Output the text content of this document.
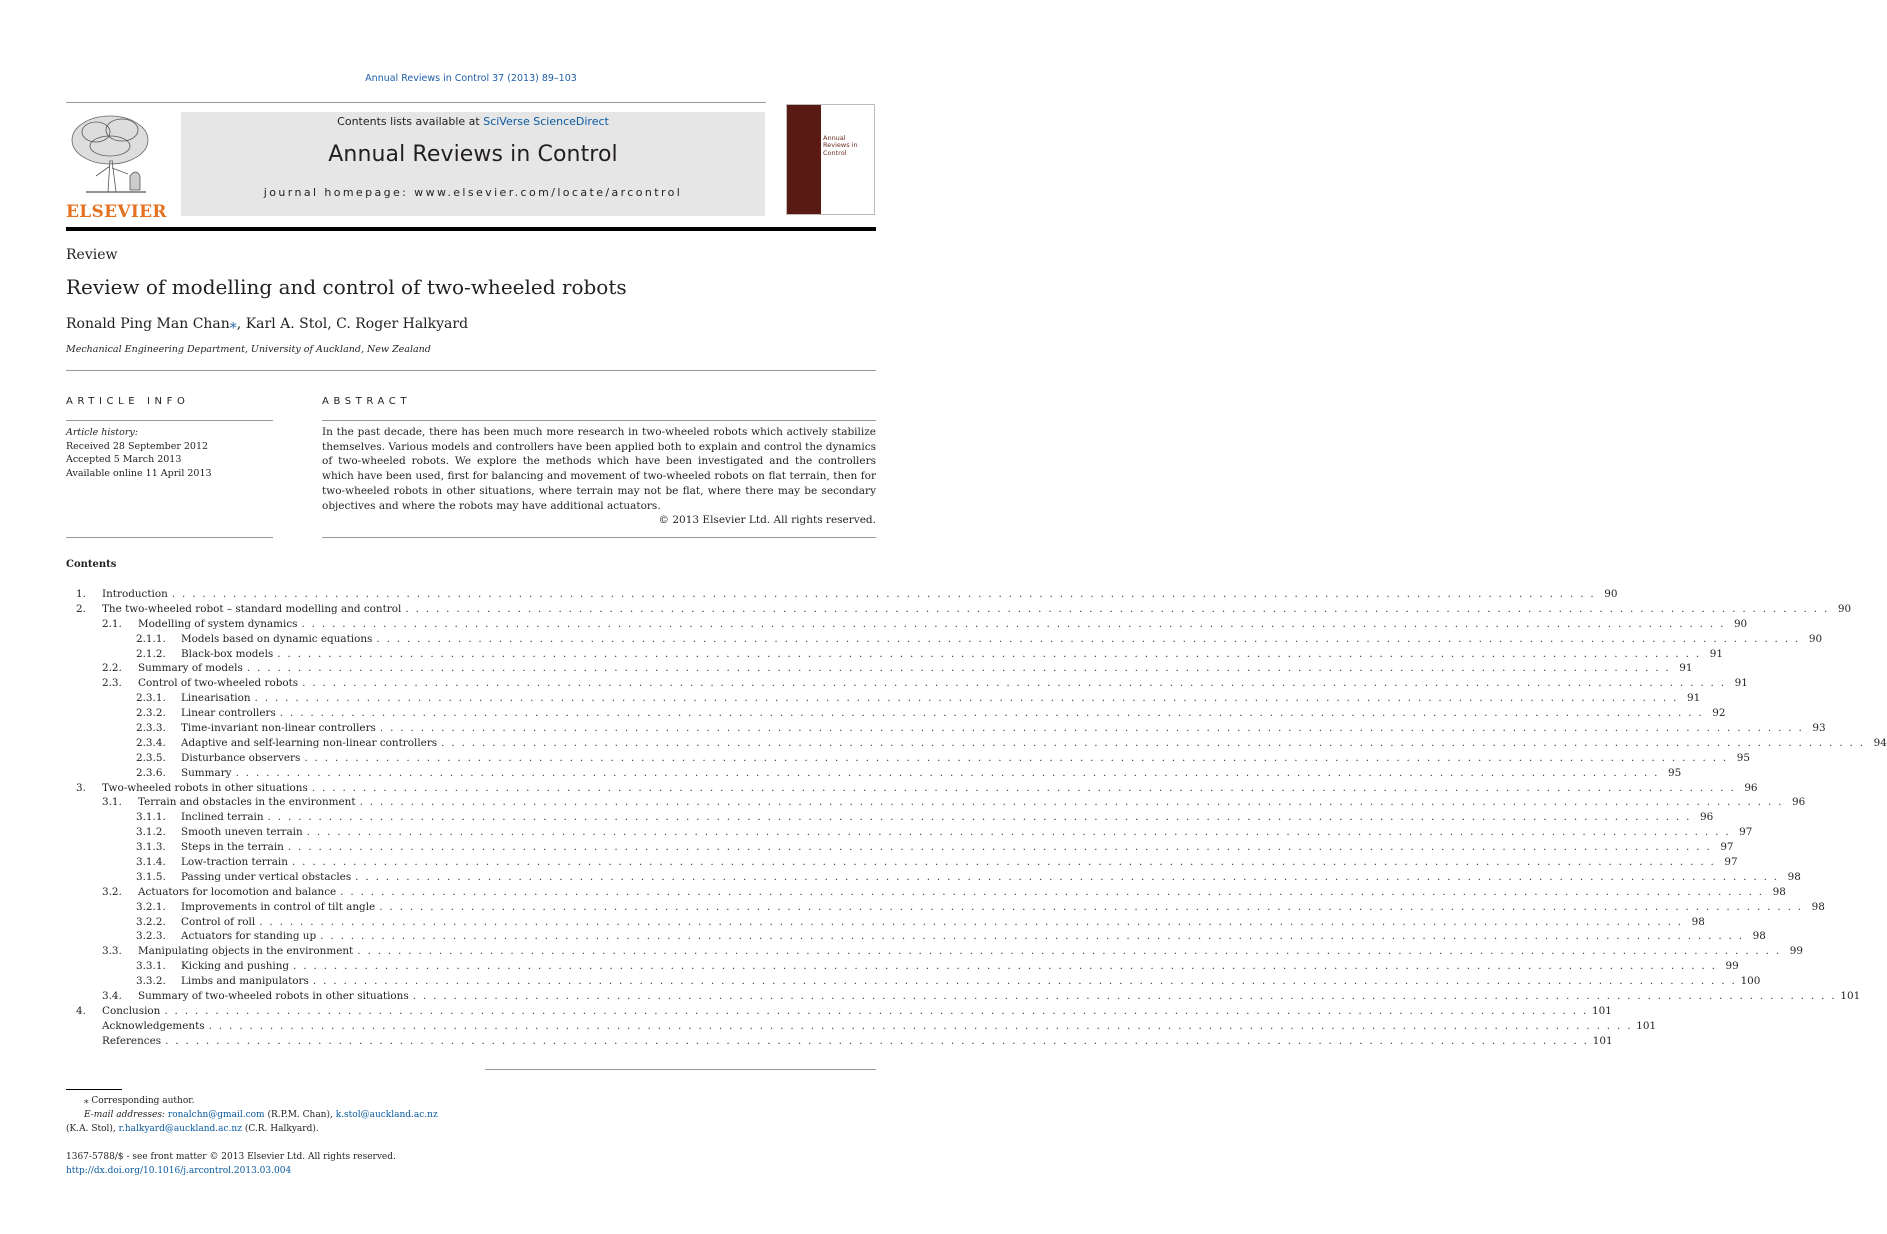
Annual Reviews in Control 37 (2013) 89–103
ELSEVIER
Contents lists available at SciVerse ScienceDirect
Annual Reviews in Control
journal homepage: www.elsevier.com/locate/arcontrol
Annual
Reviews in
Control
Review
Review of modelling and control of two-wheeled robots
Ronald Ping Man Chan⁎, Karl A. Stol, C. Roger Halkyard
Mechanical Engineering Department, University of Auckland, New Zealand
ARTICLE INFO	ABSTRACT
Article history:
Received 28 September 2012
Accepted 5 March 2013
Available online 11 April 2013
In the past decade, there has been much more research in two-wheeled robots which actively stabilize themselves. Various models and controllers have been applied both to explain and control the dynamics of two-wheeled robots. We explore the methods which have been investigated and the controllers which have been used, first for balancing and movement of two-wheeled robots on flat terrain, then for two-wheeled robots in other situations, where terrain may not be flat, where there may be secondary objectives and where the robots may have additional actuators.
© 2013 Elsevier Ltd. All rights reserved.
Contents
1. Introduction . . . . . . . . . . . . . . . . . . . . . . . . . . . . . . . . . . . . . . . . . . . . . . . . . . . . . . . . . . . . . . . . . . . . . . . . . . . . . . . . . . . . . . . . . . . . . . . . . . . . . . . . . . . . . . . . . . . . . . . . . . . . . . . . . . . . . . . . . . . . 90
2. The two-wheeled robot – standard modelling and control . . . . . . . . . . . . . . . . . . . . . . . . . . . . . . . . . . . . . . . . . . . . . . . . . . . . . . . . . . . . . . . . . . . . . . . . . . . . . . . . . . . . . . . . . . . . . . . . . . . . . . . . . . . . . . . . . . . . . . . . . . . . . . . . . . . . . . . . . . . . 90
2.1. Modelling of system dynamics . . . . . . . . . . . . . . . . . . . . . . . . . . . . . . . . . . . . . . . . . . . . . . . . . . . . . . . . . . . . . . . . . . . . . . . . . . . . . . . . . . . . . . . . . . . . . . . . . . . . . . . . . . . . . . . . . . . . . . . . . . . . . . . . . . . . . . . . . . . . 90
2.1.1. Models based on dynamic equations . . . . . . . . . . . . . . . . . . . . . . . . . . . . . . . . . . . . . . . . . . . . . . . . . . . . . . . . . . . . . . . . . . . . . . . . . . . . . . . . . . . . . . . . . . . . . . . . . . . . . . . . . . . . . . . . . . . . . . . . . . . . . . . . . . . . . . . . . . . . 90
2.1.2. Black-box models . . . . . . . . . . . . . . . . . . . . . . . . . . . . . . . . . . . . . . . . . . . . . . . . . . . . . . . . . . . . . . . . . . . . . . . . . . . . . . . . . . . . . . . . . . . . . . . . . . . . . . . . . . . . . . . . . . . . . . . . . . . . . . . . . . . . . . . . . . . . 91
2.2. Summary of models . . . . . . . . . . . . . . . . . . . . . . . . . . . . . . . . . . . . . . . . . . . . . . . . . . . . . . . . . . . . . . . . . . . . . . . . . . . . . . . . . . . . . . . . . . . . . . . . . . . . . . . . . . . . . . . . . . . . . . . . . . . . . . . . . . . . . . . . . . . . 91
2.3. Control of two-wheeled robots . . . . . . . . . . . . . . . . . . . . . . . . . . . . . . . . . . . . . . . . . . . . . . . . . . . . . . . . . . . . . . . . . . . . . . . . . . . . . . . . . . . . . . . . . . . . . . . . . . . . . . . . . . . . . . . . . . . . . . . . . . . . . . . . . . . . . . . . . . . . 91
2.3.1. Linearisation . . . . . . . . . . . . . . . . . . . . . . . . . . . . . . . . . . . . . . . . . . . . . . . . . . . . . . . . . . . . . . . . . . . . . . . . . . . . . . . . . . . . . . . . . . . . . . . . . . . . . . . . . . . . . . . . . . . . . . . . . . . . . . . . . . . . . . . . . . . . 91
2.3.2. Linear controllers . . . . . . . . . . . . . . . . . . . . . . . . . . . . . . . . . . . . . . . . . . . . . . . . . . . . . . . . . . . . . . . . . . . . . . . . . . . . . . . . . . . . . . . . . . . . . . . . . . . . . . . . . . . . . . . . . . . . . . . . . . . . . . . . . . . . . . . . . . . . 92
2.3.3. Time-invariant non-linear controllers . . . . . . . . . . . . . . . . . . . . . . . . . . . . . . . . . . . . . . . . . . . . . . . . . . . . . . . . . . . . . . . . . . . . . . . . . . . . . . . . . . . . . . . . . . . . . . . . . . . . . . . . . . . . . . . . . . . . . . . . . . . . . . . . . . . . . . . . . . . . 93
2.3.4. Adaptive and self-learning non-linear controllers . . . . . . . . . . . . . . . . . . . . . . . . . . . . . . . . . . . . . . . . . . . . . . . . . . . . . . . . . . . . . . . . . . . . . . . . . . . . . . . . . . . . . . . . . . . . . . . . . . . . . . . . . . . . . . . . . . . . . . . . . . . . . . . . . . . . . . . . . . . . 94
2.3.5. Disturbance observers . . . . . . . . . . . . . . . . . . . . . . . . . . . . . . . . . . . . . . . . . . . . . . . . . . . . . . . . . . . . . . . . . . . . . . . . . . . . . . . . . . . . . . . . . . . . . . . . . . . . . . . . . . . . . . . . . . . . . . . . . . . . . . . . . . . . . . . . . . . . 95
2.3.6. Summary . . . . . . . . . . . . . . . . . . . . . . . . . . . . . . . . . . . . . . . . . . . . . . . . . . . . . . . . . . . . . . . . . . . . . . . . . . . . . . . . . . . . . . . . . . . . . . . . . . . . . . . . . . . . . . . . . . . . . . . . . . . . . . . . . . . . . . . . . . . . 95
3. Two-wheeled robots in other situations . . . . . . . . . . . . . . . . . . . . . . . . . . . . . . . . . . . . . . . . . . . . . . . . . . . . . . . . . . . . . . . . . . . . . . . . . . . . . . . . . . . . . . . . . . . . . . . . . . . . . . . . . . . . . . . . . . . . . . . . . . . . . . . . . . . . . . . . . . . . 96
3.1. Terrain and obstacles in the environment . . . . . . . . . . . . . . . . . . . . . . . . . . . . . . . . . . . . . . . . . . . . . . . . . . . . . . . . . . . . . . . . . . . . . . . . . . . . . . . . . . . . . . . . . . . . . . . . . . . . . . . . . . . . . . . . . . . . . . . . . . . . . . . . . . . . . . . . . . . . 96
3.1.1. Inclined terrain . . . . . . . . . . . . . . . . . . . . . . . . . . . . . . . . . . . . . . . . . . . . . . . . . . . . . . . . . . . . . . . . . . . . . . . . . . . . . . . . . . . . . . . . . . . . . . . . . . . . . . . . . . . . . . . . . . . . . . . . . . . . . . . . . . . . . . . . . . . . 96
3.1.2. Smooth uneven terrain . . . . . . . . . . . . . . . . . . . . . . . . . . . . . . . . . . . . . . . . . . . . . . . . . . . . . . . . . . . . . . . . . . . . . . . . . . . . . . . . . . . . . . . . . . . . . . . . . . . . . . . . . . . . . . . . . . . . . . . . . . . . . . . . . . . . . . . . . . . . 97
3.1.3. Steps in the terrain . . . . . . . . . . . . . . . . . . . . . . . . . . . . . . . . . . . . . . . . . . . . . . . . . . . . . . . . . . . . . . . . . . . . . . . . . . . . . . . . . . . . . . . . . . . . . . . . . . . . . . . . . . . . . . . . . . . . . . . . . . . . . . . . . . . . . . . . . . . . 97
3.1.4. Low-traction terrain . . . . . . . . . . . . . . . . . . . . . . . . . . . . . . . . . . . . . . . . . . . . . . . . . . . . . . . . . . . . . . . . . . . . . . . . . . . . . . . . . . . . . . . . . . . . . . . . . . . . . . . . . . . . . . . . . . . . . . . . . . . . . . . . . . . . . . . . . . . . 97
3.1.5. Passing under vertical obstacles . . . . . . . . . . . . . . . . . . . . . . . . . . . . . . . . . . . . . . . . . . . . . . . . . . . . . . . . . . . . . . . . . . . . . . . . . . . . . . . . . . . . . . . . . . . . . . . . . . . . . . . . . . . . . . . . . . . . . . . . . . . . . . . . . . . . . . . . . . . . 98
3.2. Actuators for locomotion and balance . . . . . . . . . . . . . . . . . . . . . . . . . . . . . . . . . . . . . . . . . . . . . . . . . . . . . . . . . . . . . . . . . . . . . . . . . . . . . . . . . . . . . . . . . . . . . . . . . . . . . . . . . . . . . . . . . . . . . . . . . . . . . . . . . . . . . . . . . . . . 98
3.2.1. Improvements in control of tilt angle . . . . . . . . . . . . . . . . . . . . . . . . . . . . . . . . . . . . . . . . . . . . . . . . . . . . . . . . . . . . . . . . . . . . . . . . . . . . . . . . . . . . . . . . . . . . . . . . . . . . . . . . . . . . . . . . . . . . . . . . . . . . . . . . . . . . . . . . . . . . 98
3.2.2. Control of roll . . . . . . . . . . . . . . . . . . . . . . . . . . . . . . . . . . . . . . . . . . . . . . . . . . . . . . . . . . . . . . . . . . . . . . . . . . . . . . . . . . . . . . . . . . . . . . . . . . . . . . . . . . . . . . . . . . . . . . . . . . . . . . . . . . . . . . . . . . . . 98
3.2.3. Actuators for standing up . . . . . . . . . . . . . . . . . . . . . . . . . . . . . . . . . . . . . . . . . . . . . . . . . . . . . . . . . . . . . . . . . . . . . . . . . . . . . . . . . . . . . . . . . . . . . . . . . . . . . . . . . . . . . . . . . . . . . . . . . . . . . . . . . . . . . . . . . . . . 98
3.3. Manipulating objects in the environment . . . . . . . . . . . . . . . . . . . . . . . . . . . . . . . . . . . . . . . . . . . . . . . . . . . . . . . . . . . . . . . . . . . . . . . . . . . . . . . . . . . . . . . . . . . . . . . . . . . . . . . . . . . . . . . . . . . . . . . . . . . . . . . . . . . . . . . . . . . . 99
3.3.1. Kicking and pushing . . . . . . . . . . . . . . . . . . . . . . . . . . . . . . . . . . . . . . . . . . . . . . . . . . . . . . . . . . . . . . . . . . . . . . . . . . . . . . . . . . . . . . . . . . . . . . . . . . . . . . . . . . . . . . . . . . . . . . . . . . . . . . . . . . . . . . . . . . . . 99
3.3.2. Limbs and manipulators . . . . . . . . . . . . . . . . . . . . . . . . . . . . . . . . . . . . . . . . . . . . . . . . . . . . . . . . . . . . . . . . . . . . . . . . . . . . . . . . . . . . . . . . . . . . . . . . . . . . . . . . . . . . . . . . . . . . . . . . . . . . . . . . . . . . . . . . . . . . 100
3.4. Summary of two-wheeled robots in other situations . . . . . . . . . . . . . . . . . . . . . . . . . . . . . . . . . . . . . . . . . . . . . . . . . . . . . . . . . . . . . . . . . . . . . . . . . . . . . . . . . . . . . . . . . . . . . . . . . . . . . . . . . . . . . . . . . . . . . . . . . . . . . . . . . . . . . . . . . . . . 101
4. Conclusion . . . . . . . . . . . . . . . . . . . . . . . . . . . . . . . . . . . . . . . . . . . . . . . . . . . . . . . . . . . . . . . . . . . . . . . . . . . . . . . . . . . . . . . . . . . . . . . . . . . . . . . . . . . . . . . . . . . . . . . . . . . . . . . . . . . . . . . . . . . . 101
Acknowledgements . . . . . . . . . . . . . . . . . . . . . . . . . . . . . . . . . . . . . . . . . . . . . . . . . . . . . . . . . . . . . . . . . . . . . . . . . . . . . . . . . . . . . . . . . . . . . . . . . . . . . . . . . . . . . . . . . . . . . . . . . . . . . . . . . . . . . . . . . . . . 101
References . . . . . . . . . . . . . . . . . . . . . . . . . . . . . . . . . . . . . . . . . . . . . . . . . . . . . . . . . . . . . . . . . . . . . . . . . . . . . . . . . . . . . . . . . . . . . . . . . . . . . . . . . . . . . . . . . . . . . . . . . . . . . . . . . . . . . . . . . . . . 101
⁎ Corresponding author.
E-mail addresses: ronalchn@gmail.com (R.P.M. Chan), k.stol@auckland.ac.nz
(K.A. Stol), r.halkyard@auckland.ac.nz (C.R. Halkyard).
1367-5788/$ - see front matter © 2013 Elsevier Ltd. All rights reserved.
http://dx.doi.org/10.1016/j.arcontrol.2013.03.004
